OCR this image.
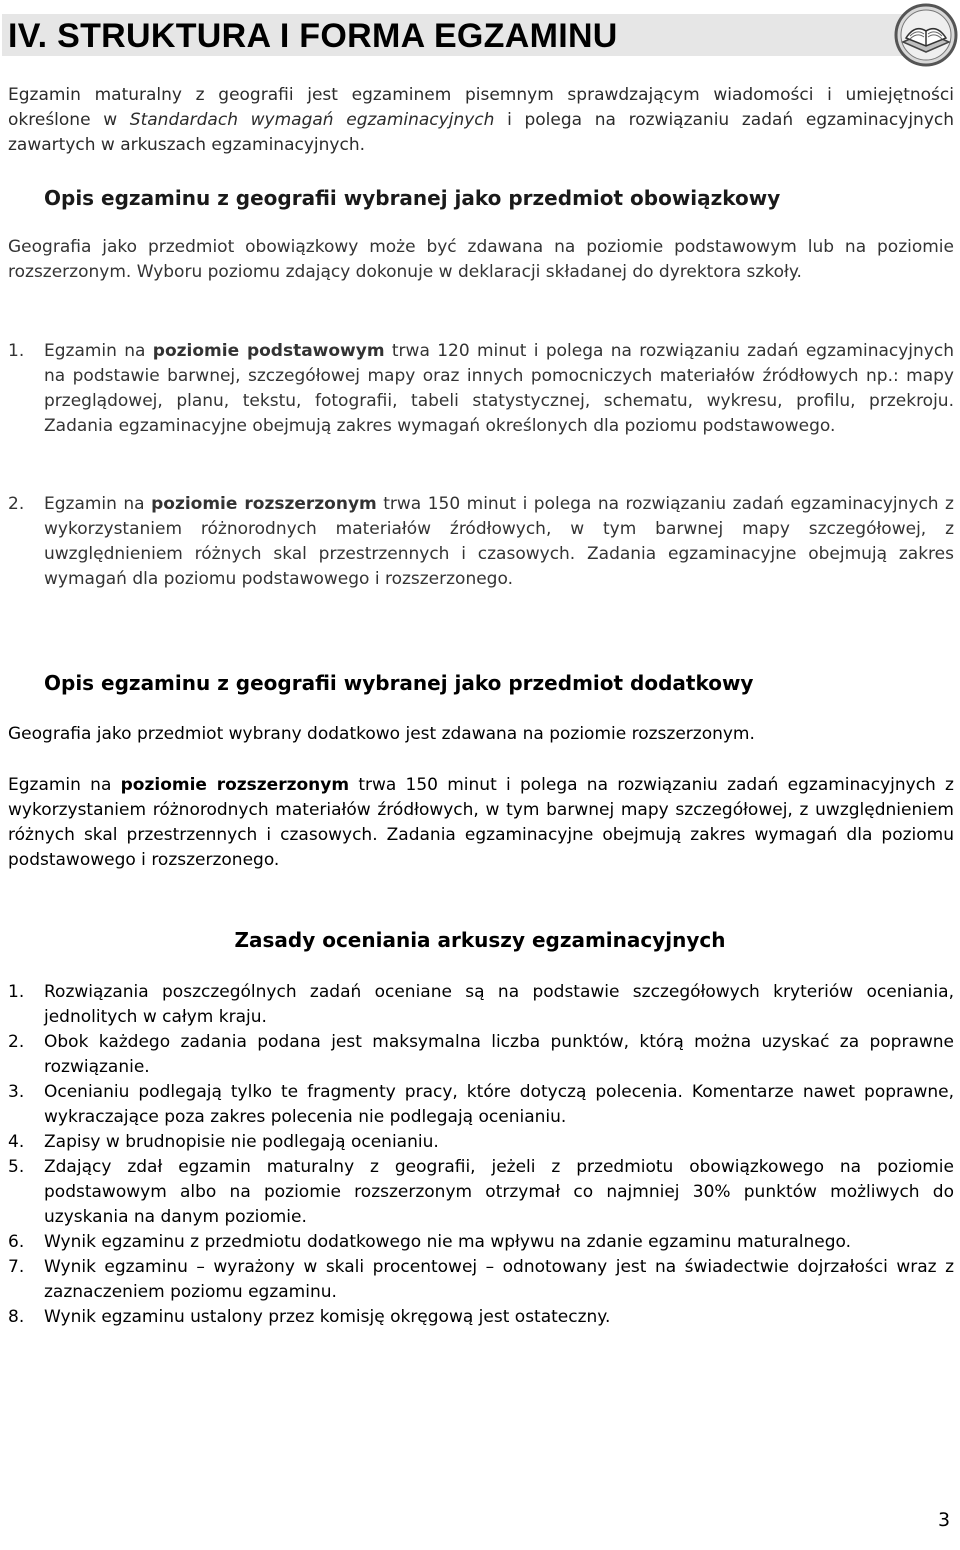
IV. STRUKTURA I FORMA EGZAMINU

Egzamin maturalny z geografii jest egzaminem pisemnym sprawdzającym wiadomości i umiejętności określone w Standardach wymagań egzaminacyjnych i polega na rozwiązaniu zadań egzaminacyjnych zawartych w arkuszach egzaminacyjnych.

Opis egzaminu z geografii wybranej jako przedmiot obowiązkowy

Geografia jako przedmiot obowiązkowy może być zdawana na poziomie podstawowym lub na poziomie rozszerzonym. Wyboru poziomu zdający dokonuje w deklaracji składanej do dyrektora szkoły.

1. Egzamin na poziomie podstawowym trwa 120 minut i polega na rozwiązaniu zadań egzaminacyjnych na podstawie barwnej, szczegółowej mapy oraz innych pomocniczych materiałów źródłowych np.: mapy przeglądowej, planu, tekstu, fotografii, tabeli statystycznej, schematu, wykresu, profilu, przekroju. Zadania egzaminacyjne obejmują zakres wymagań określonych dla poziomu podstawowego.

2. Egzamin na poziomie rozszerzonym trwa 150 minut i polega na rozwiązaniu zadań egzaminacyjnych z wykorzystaniem różnorodnych materiałów źródłowych, w tym barwnej mapy szczegółowej, z uwzględnieniem różnych skal przestrzennych i czasowych. Zadania egzaminacyjne obejmują zakres wymagań dla poziomu podstawowego i rozszerzonego.

Opis egzaminu z geografii wybranej jako przedmiot dodatkowy

Geografia jako przedmiot wybrany dodatkowo jest zdawana na poziomie rozszerzonym.

Egzamin na poziomie rozszerzonym trwa 150 minut i polega na rozwiązaniu zadań egzaminacyjnych z wykorzystaniem różnorodnych materiałów źródłowych, w tym barwnej mapy szczegółowej, z uwzględnieniem różnych skal przestrzennych i czasowych. Zadania egzaminacyjne obejmują zakres wymagań dla poziomu podstawowego i rozszerzonego.

Zasady oceniania arkuszy egzaminacyjnych
1. Rozwiązania poszczególnych zadań oceniane są na podstawie szczegółowych kryteriów oceniania, jednolitych w całym kraju.
2. Obok każdego zadania podana jest maksymalna liczba punktów, którą można uzyskać za poprawne rozwiązanie.
3. Ocenianiu podlegają tylko te fragmenty pracy, które dotyczą polecenia. Komentarze nawet poprawne, wykraczające poza zakres polecenia nie podlegają ocenianiu.
4. Zapisy w brudnopisie nie podlegają ocenianiu.
5. Zdający zdał egzamin maturalny z geografii, jeżeli z przedmiotu obowiązkowego na poziomie podstawowym albo na poziomie rozszerzonym otrzymał co najmniej 30% punktów możliwych do uzyskania na danym poziomie.
6. Wynik egzaminu z przedmiotu dodatkowego nie ma wpływu na zdanie egzaminu maturalnego.
7. Wynik egzaminu – wyrażony w skali procentowej – odnotowany jest na świadectwie dojrzałości wraz z zaznaczeniem poziomu egzaminu.
8. Wynik egzaminu ustalony przez komisję okręgową jest ostateczny.
3
